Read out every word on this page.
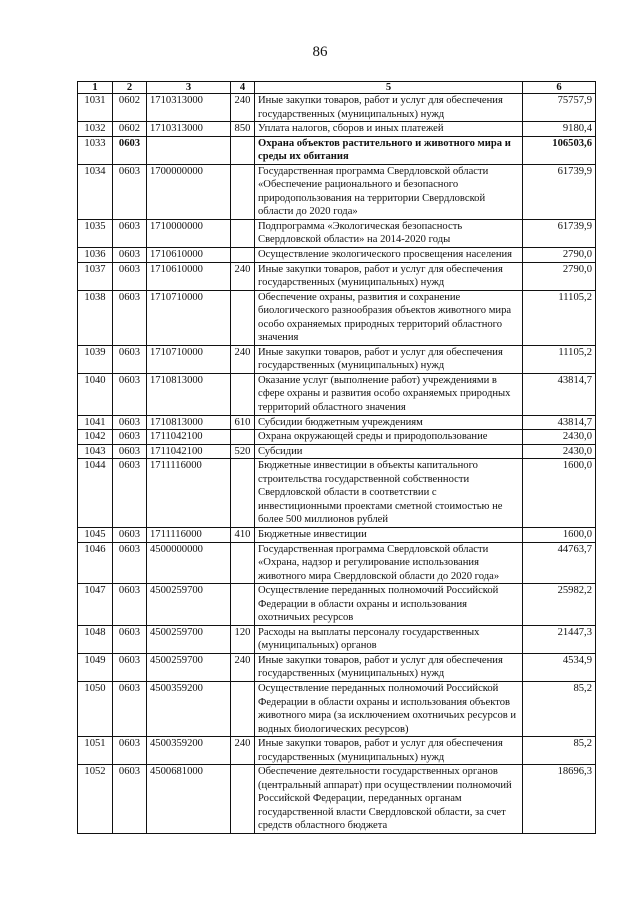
86
1	2	3	4	5	6
1031	0602	1710313000	240	Иные закупки товаров, работ и услуг для обеспечения государственных (муниципальных) нужд	75757,9
1032	0602	1710313000	850	Уплата налогов, сборов и иных платежей	9180,4
1033	0603			Охрана объектов растительного и животного мира и среды их обитания	106503,6
1034	0603	1700000000		Государственная программа Свердловской области «Обеспечение рационального и безопасного природопользования на территории Свердловской области до 2020 года»	61739,9
1035	0603	1710000000		Подпрограмма «Экологическая безопасность Свердловской области» на 2014-2020 годы	61739,9
1036	0603	1710610000		Осуществление экологического просвещения населения	2790,0
1037	0603	1710610000	240	Иные закупки товаров, работ и услуг для обеспечения государственных (муниципальных) нужд	2790,0
1038	0603	1710710000		Обеспечение охраны, развития и сохранение биологического разнообразия объектов животного мира особо охраняемых природных территорий областного значения	11105,2
1039	0603	1710710000	240	Иные закупки товаров, работ и услуг для обеспечения государственных (муниципальных) нужд	11105,2
1040	0603	1710813000		Оказание услуг (выполнение работ) учреждениями в сфере охраны и развития особо охраняемых природных территорий областного значения	43814,7
1041	0603	1710813000	610	Субсидии бюджетным учреждениям	43814,7
1042	0603	1711042100		Охрана окружающей среды и природопользование	2430,0
1043	0603	1711042100	520	Субсидии	2430,0
1044	0603	1711116000		Бюджетные инвестиции в объекты капитального строительства государственной собственности Свердловской области в соответствии с инвестиционными проектами сметной стоимостью не более 500 миллионов рублей	1600,0
1045	0603	1711116000	410	Бюджетные инвестиции	1600,0
1046	0603	4500000000		Государственная программа Свердловской области «Охрана, надзор и регулирование использования животного мира Свердловской области до 2020 года»	44763,7
1047	0603	4500259700		Осуществление переданных полномочий Российской Федерации в области охраны и использования охотничьих ресурсов	25982,2
1048	0603	4500259700	120	Расходы на выплаты персоналу государственных (муниципальных) органов	21447,3
1049	0603	4500259700	240	Иные закупки товаров, работ и услуг для обеспечения государственных (муниципальных) нужд	4534,9
1050	0603	4500359200		Осуществление переданных полномочий Российской Федерации в области охраны и использования объектов животного мира (за исключением охотничьих ресурсов и водных биологических ресурсов)	85,2
1051	0603	4500359200	240	Иные закупки товаров, работ и услуг для обеспечения государственных (муниципальных) нужд	85,2
1052	0603	4500681000		Обеспечение деятельности государственных органов (центральный аппарат) при осуществлении полномочий Российской Федерации, переданных органам государственной власти Свердловской области, за счет средств областного бюджета	18696,3
